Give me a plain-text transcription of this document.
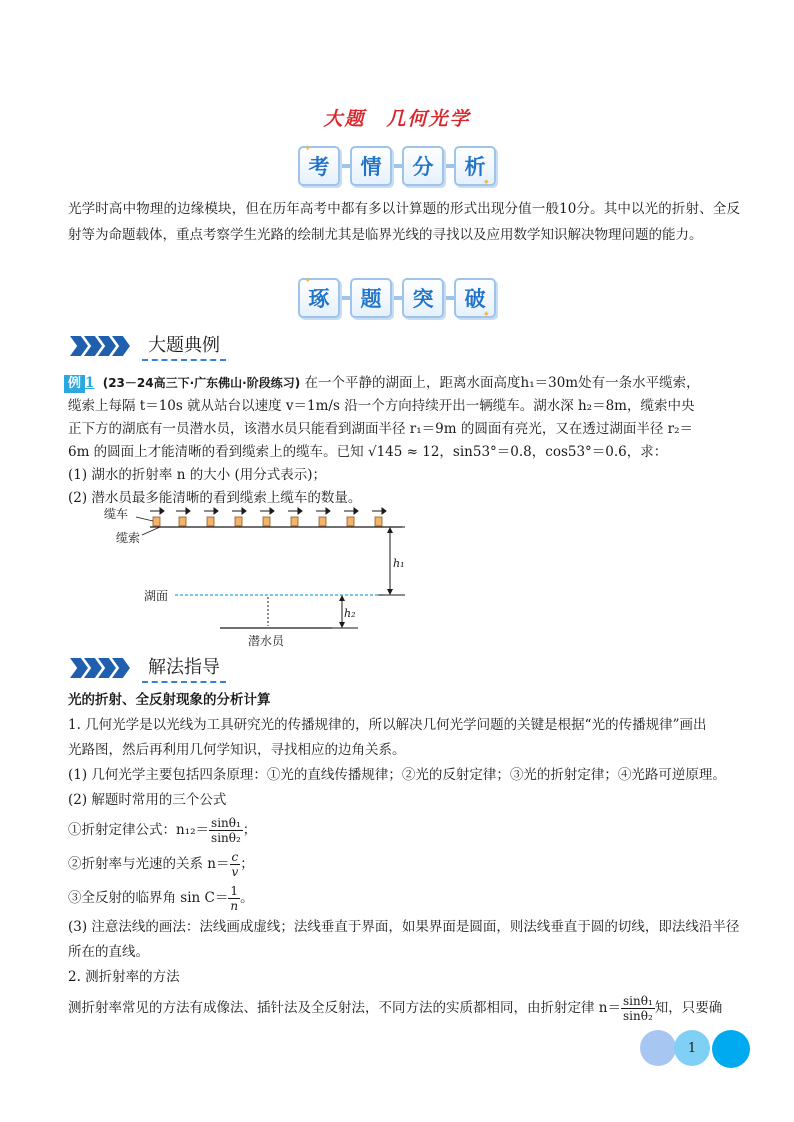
大题　几何光学
考
✦
情 分 析
✦
光学时高中物理的边缘模块，但在历年高考中都有多以计算题的形式出现分值一般10分。其中以光的折射、全反射等为命题载体，重点考察学生光路的绘制尤其是临界光线的寻找以及应用数学知识解决物理问题的能力。
琢
✦
题 突 破
✦
大题典例
例 1 (23－24高三下·广东佛山·阶段练习) 在一个平静的湖面上，距离水面高度h₁＝30m处有一条水平缆索，
缆索上每隔 t＝10s 就从站台以速度 v＝1m/s 沿一个方向持续开出一辆缆车。湖水深 h₂＝8m，缆索中央
正下方的湖底有一员潜水员，该潜水员只能看到湖面半径 r₁＝9m 的圆面有亮光，又在透过湖面半径 r₂＝
6m 的圆面上才能清晰的看到缆索上的缆车。已知 √145 ≈ 12，sin53°＝0.8，cos53°＝0.6，求：
(1) 湖水的折射率 n 的大小 (用分式表示)；
(2) 潜水员最多能清晰的看到缆索上缆车的数量。
缆车
缆索
湖面
h₁
h₂
潜水员
解法指导
光的折射、全反射现象的分析计算
1. 几何光学是以光线为工具研究光的传播规律的，所以解决几何光学问题的关键是根据“光的传播规律”画出
光路图，然后再利用几何学知识，寻找相应的边角关系。
(1) 几何光学主要包括四条原理：①光的直线传播规律；②光的反射定律；③光的折射定律；④光路可逆原理。
(2) 解题时常用的三个公式
①折射定律公式：$n_{12}= \frac{\text{sinθ₁}}{\text{sinθ₂}}$ ；
②折射率与光速的关系 $n= \frac{c}{v}$ ；
③全反射的临界角 $\sin C= \frac{1}{n}$ 。
(3) 注意法线的画法：法线画成虚线；法线垂直于界面，如果界面是圆面，则法线垂直于圆的切线，即法线沿半径
所在的直线。
2. 测折射率的方法
测折射率常见的方法有成像法、插针法及全反射法，不同方法的实质都相同，由折射定律 $n= \frac{\text{sinθ₁}}{\text{sinθ₂}}$ 知，只要确
1
